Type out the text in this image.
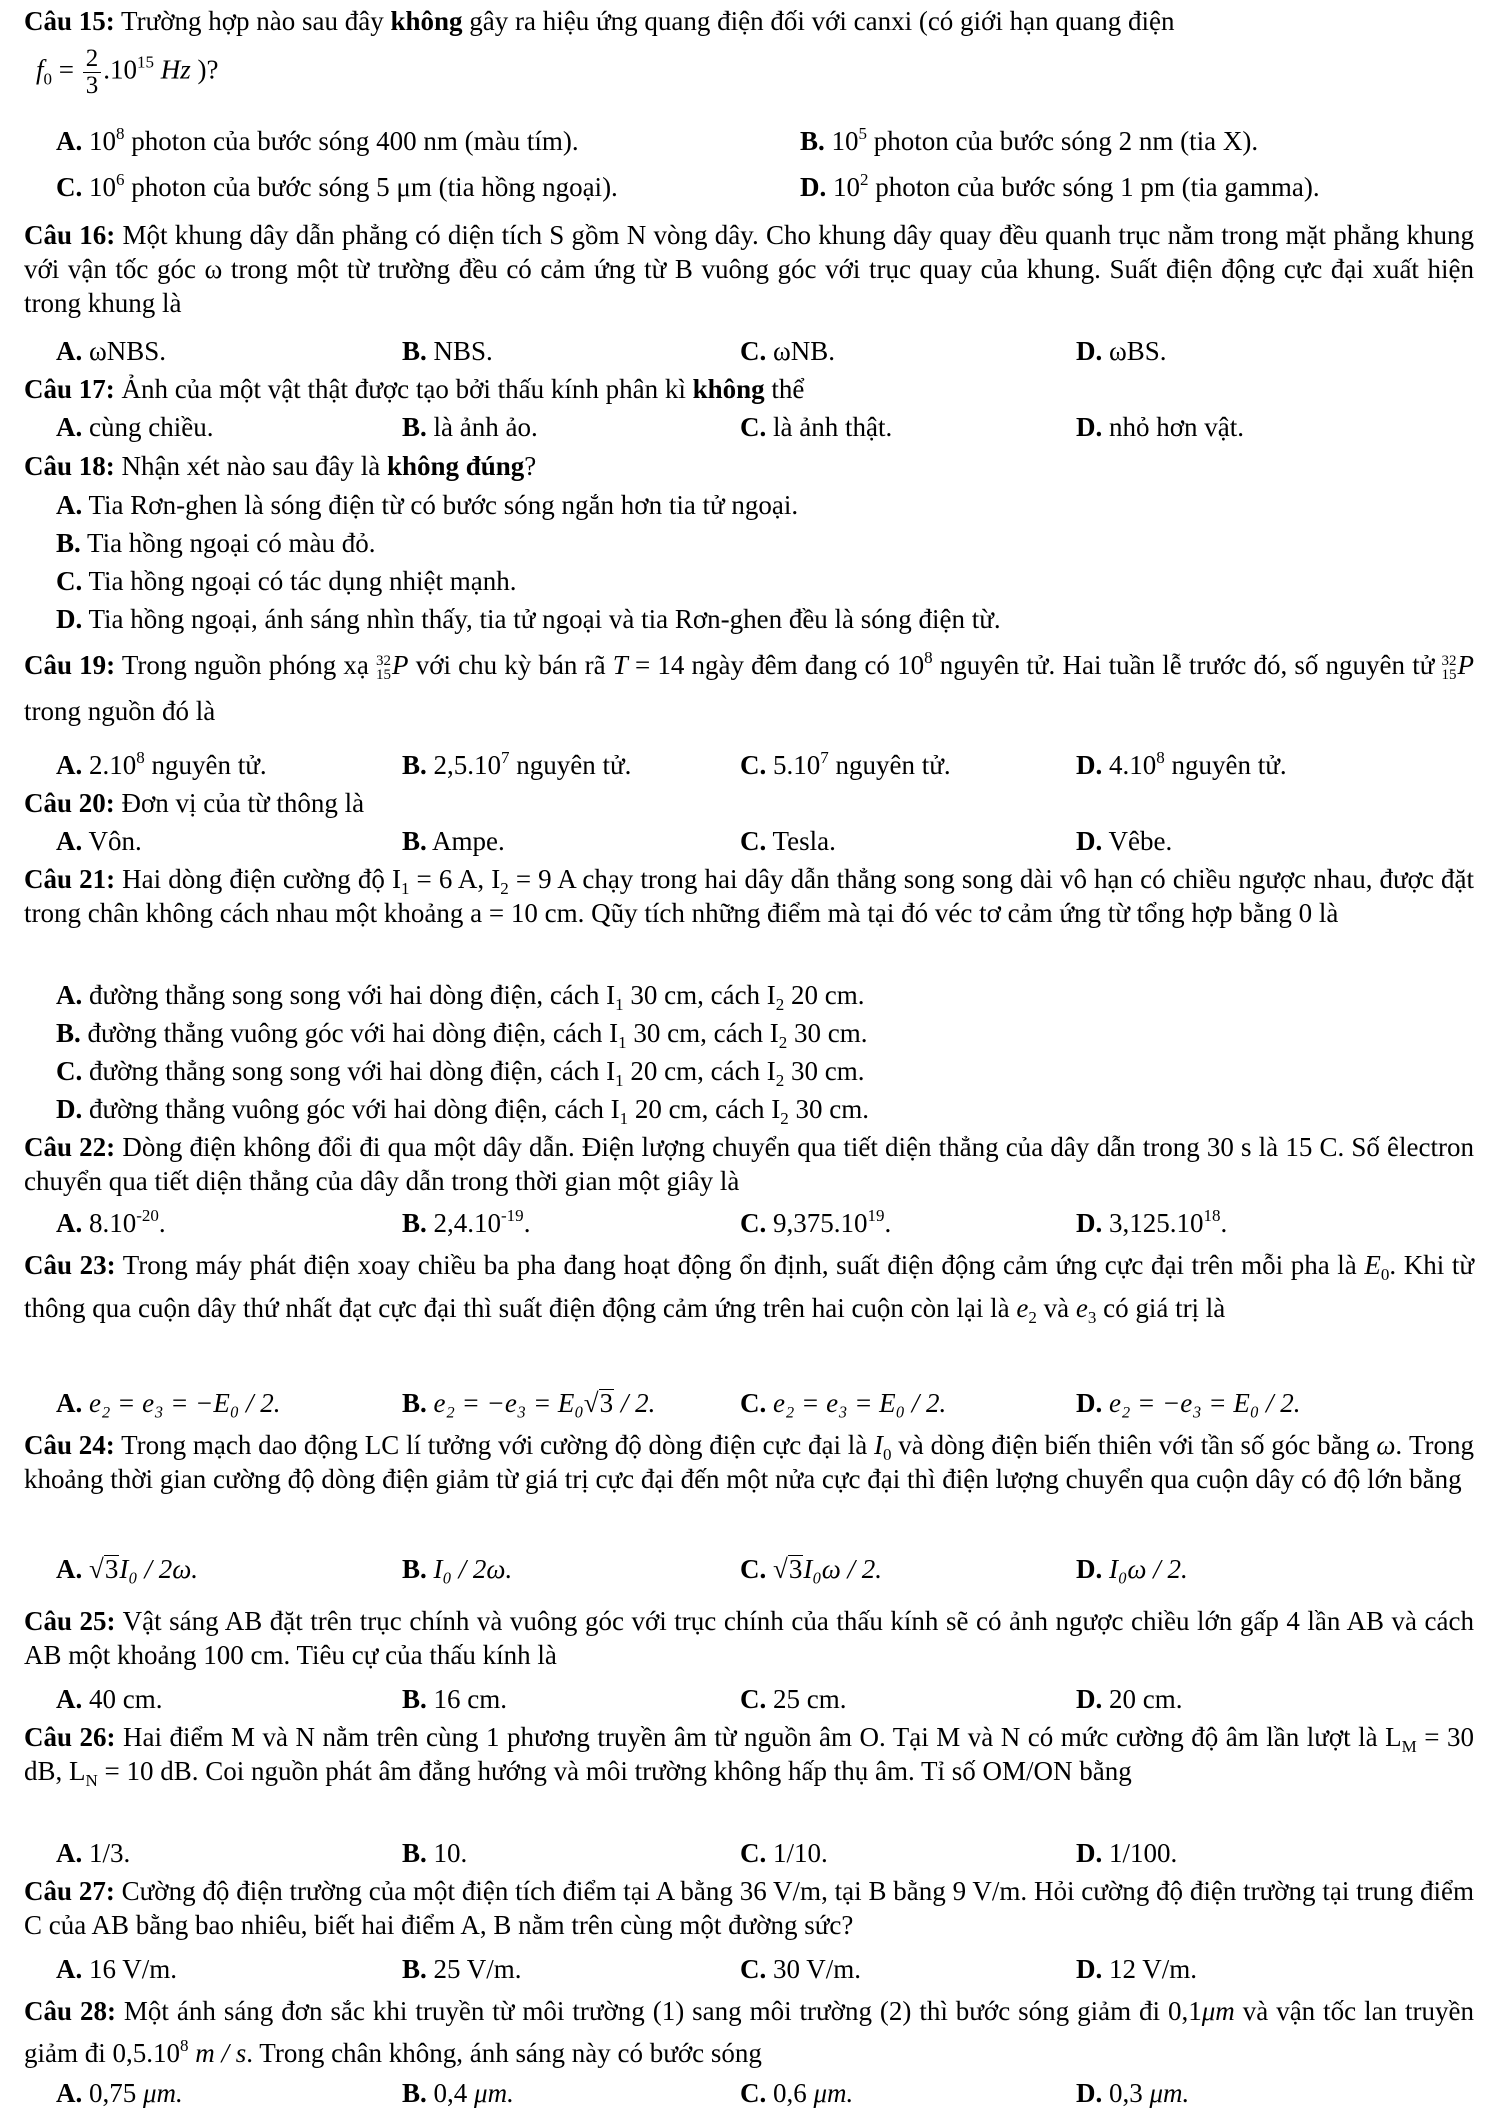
Câu 15: Trường hợp nào sau đây không gây ra hiệu ứng quang điện đối với canxi (có giới hạn quang điện
$f_0 = \frac{2}{3} .10^{15}$ Hz )?
A. $10^8$ photon của bước sóng 400 nm (màu tím).	B. $10^5$ photon của bước sóng 2 nm (tia X).
C. $10^6$ photon của bước sóng 5 μm (tia hồng ngoại).	D. $10^2$ photon của bước sóng 1 pm (tia gamma).
Câu 16: Một khung dây dẫn phẳng có diện tích S gồm N vòng dây. Cho khung dây quay đều quanh trục nằm trong mặt phẳng khung với vận tốc góc ω trong một từ trường đều có cảm ứng từ B vuông góc với trục quay của khung. Suất điện động cực đại xuất hiện trong khung là
A. ωNBS.	B. NBS.	C. ωNB.	D. ωBS.
Câu 17: Ảnh của một vật thật được tạo bởi thấu kính phân kì không thể
A. cùng chiều.	B. là ảnh ảo.	C. là ảnh thật.	D. nhỏ hơn vật.
Câu 18: Nhận xét nào sau đây là không đúng?
A. Tia Rơn-ghen là sóng điện từ có bước sóng ngắn hơn tia tử ngoại.
B. Tia hồng ngoại có màu đỏ.
C. Tia hồng ngoại có tác dụng nhiệt mạnh.
D. Tia hồng ngoại, ánh sáng nhìn thấy, tia tử ngoại và tia Rơn-ghen đều là sóng điện từ.
Câu 19: Trong nguồn phóng xạ 32
15 P với chu kỳ bán rã T = 14 ngày đêm đang có $10^8$ nguyên tử. Hai tuần lễ trước đó, số nguyên tử 32
15 P trong nguồn đó là
A. 2.10$^8$ nguyên tử.	B. 2,5.10$^7$ nguyên tử.	C. 5.10$^7$ nguyên tử.	D. 4.10$^8$ nguyên tử.
Câu 20: Đơn vị của từ thông là
A. Vôn.	B. Ampe.	C. Tesla.	D. Vêbe.
Câu 21: Hai dòng điện cường độ $I_1 = 6$ A, $I_2 = 9$ A chạy trong hai dây dẫn thẳng song song dài vô hạn có chiều ngược nhau, được đặt trong chân không cách nhau một khoảng a = 10 cm. Qũy tích những điểm mà tại đó véc tơ cảm ứng từ tổng hợp bằng 0 là
A. đường thẳng song song với hai dòng điện, cách $I_1$ 30 cm, cách $I_2$ 20 cm.
B. đường thẳng vuông góc với hai dòng điện, cách $I_1$ 30 cm, cách $I_2$ 30 cm.
C. đường thẳng song song với hai dòng điện, cách $I_1$ 20 cm, cách $I_2$ 30 cm.
D. đường thẳng vuông góc với hai dòng điện, cách $I_1$ 20 cm, cách $I_2$ 30 cm.
Câu 22: Dòng điện không đổi đi qua một dây dẫn. Điện lượng chuyển qua tiết diện thẳng của dây dẫn trong 30 s là 15 C. Số êlectron chuyển qua tiết diện thẳng của dây dẫn trong thời gian một giây là
A. $8.10^{-20}$.	B. $2,4.10^{-19}$.	C. 9,375.10$^{19}$.	D. 3,125.10$^{18}$.
Câu 23: Trong máy phát điện xoay chiều ba pha đang hoạt động ổn định, suất điện động cảm ứng cực đại trên mỗi pha là $E_0$. Khi từ thông qua cuộn dây thứ nhất đạt cực đại thì suất điện động cảm ứng trên hai cuộn còn lại là $e_2$ và $e_3$ có giá trị là
A. e₂ = e₃ = −E₀ / 2.	B. e₂ = −e₃ = E₀√3 / 2.	C. e₂ = e₃ = E₀ / 2.	D. e₂ = −e₃ = E₀ / 2.
Câu 24: Trong mạch dao động LC lí tưởng với cường độ dòng điện cực đại là $I_0$ và dòng điện biến thiên với tần số góc bằng ω. Trong khoảng thời gian cường độ dòng điện giảm từ giá trị cực đại đến một nửa cực đại thì điện lượng chuyển qua cuộn dây có độ lớn bằng
A. √3I₀ / 2ω.	B. I₀ / 2ω.	C. √3I₀ω / 2.	D. I₀ω / 2.
Câu 25: Vật sáng AB đặt trên trục chính và vuông góc với trục chính của thấu kính sẽ có ảnh ngược chiều lớn gấp 4 lần AB và cách AB một khoảng 100 cm. Tiêu cự của thấu kính là
A. 40 cm.	B. 16 cm.	C. 25 cm.	D. 20 cm.
Câu 26: Hai điểm M và N nằm trên cùng 1 phương truyền âm từ nguồn âm O. Tại M và N có mức cường độ âm lần lượt là $L_M = 30$ dB, $L_N = 10$ dB. Coi nguồn phát âm đẳng hướng và môi trường không hấp thụ âm. Tỉ số OM/ON bằng
A. 1/3.	B. 10.	C. 1/10.	D. 1/100.
Câu 27: Cường độ điện trường của một điện tích điểm tại A bằng 36 V/m, tại B bằng 9 V/m. Hỏi cường độ điện trường tại trung điểm C của AB bằng bao nhiêu, biết hai điểm A, B nằm trên cùng một đường sức?
A. 16 V/m.	B. 25 V/m.	C. 30 V/m.	D. 12 V/m.
Câu 28: Một ánh sáng đơn sắc khi truyền từ môi trường (1) sang môi trường (2) thì bước sóng giảm đi 0,1μm và vận tốc lan truyền giảm đi 0,5.10$^8$ m / s. Trong chân không, ánh sáng này có bước sóng
A. 0,75 μm.	B. 0,4 μm.	C. 0,6 μm.	D. 0,3 μm.
